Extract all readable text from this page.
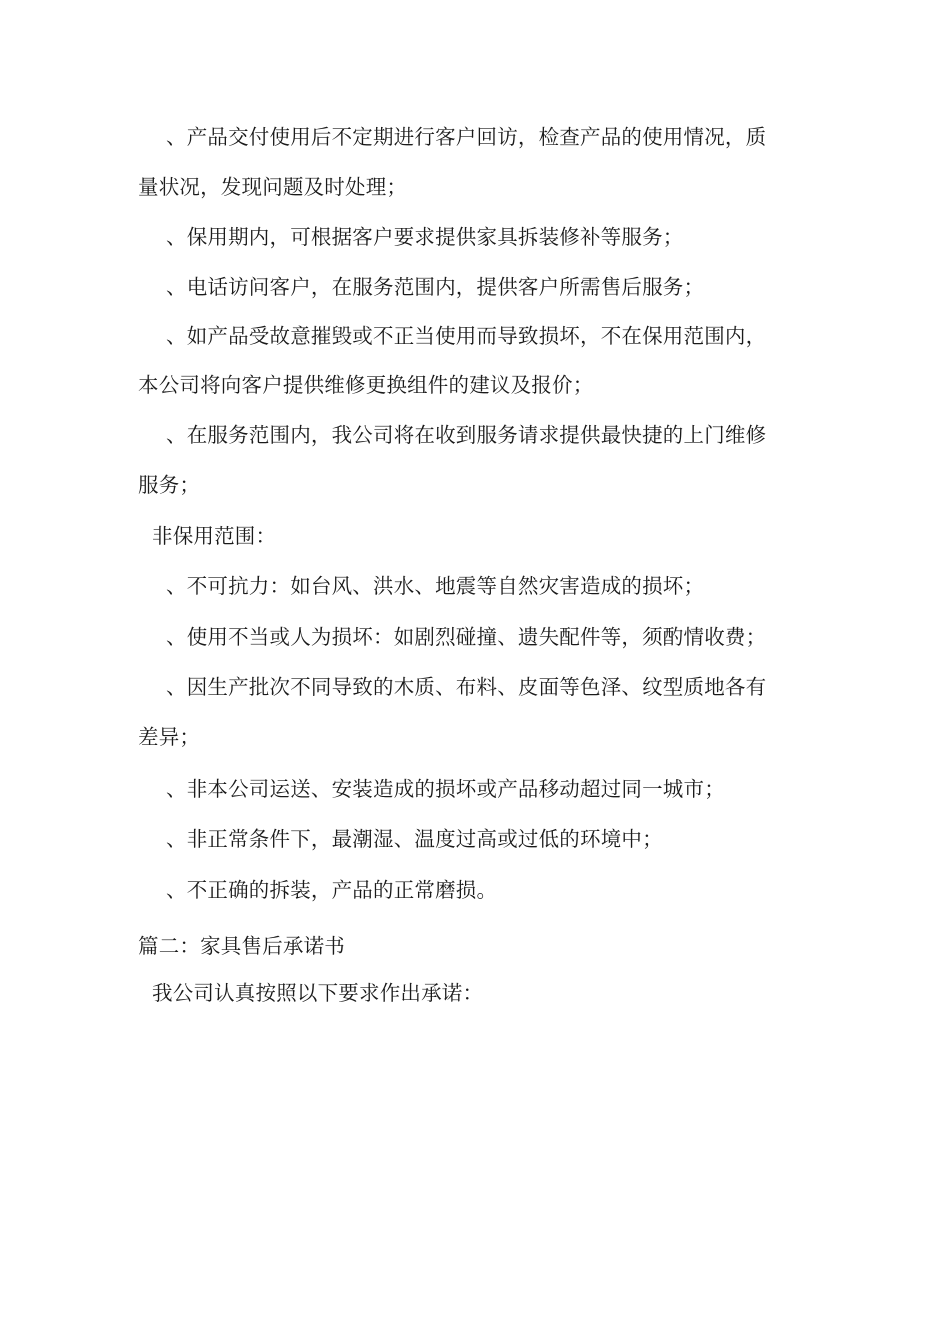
、产品交付使用后不定期进行客户回访，检查产品的使用情况，质
量状况，发现问题及时处理；
、保用期内，可根据客户要求提供家具拆装修补等服务；
、电话访问客户，在服务范围内，提供客户所需售后服务；
、如产品受故意摧毁或不正当使用而导致损坏，不在保用范围内，
本公司将向客户提供维修更换组件的建议及报价；
、在服务范围内，我公司将在收到服务请求提供最快捷的上门维修
服务；
非保用范围：
、不可抗力：如台风、洪水、地震等自然灾害造成的损坏；
、使用不当或人为损坏：如剧烈碰撞、遗失配件等，须酌情收费；
、因生产批次不同导致的木质、布料、皮面等色泽、纹型质地各有
差异；
、非本公司运送、安装造成的损坏或产品移动超过同一城市；
、非正常条件下，最潮湿、温度过高或过低的环境中；
、不正确的拆装，产品的正常磨损。
篇二：家具售后承诺书
我公司认真按照以下要求作出承诺：
